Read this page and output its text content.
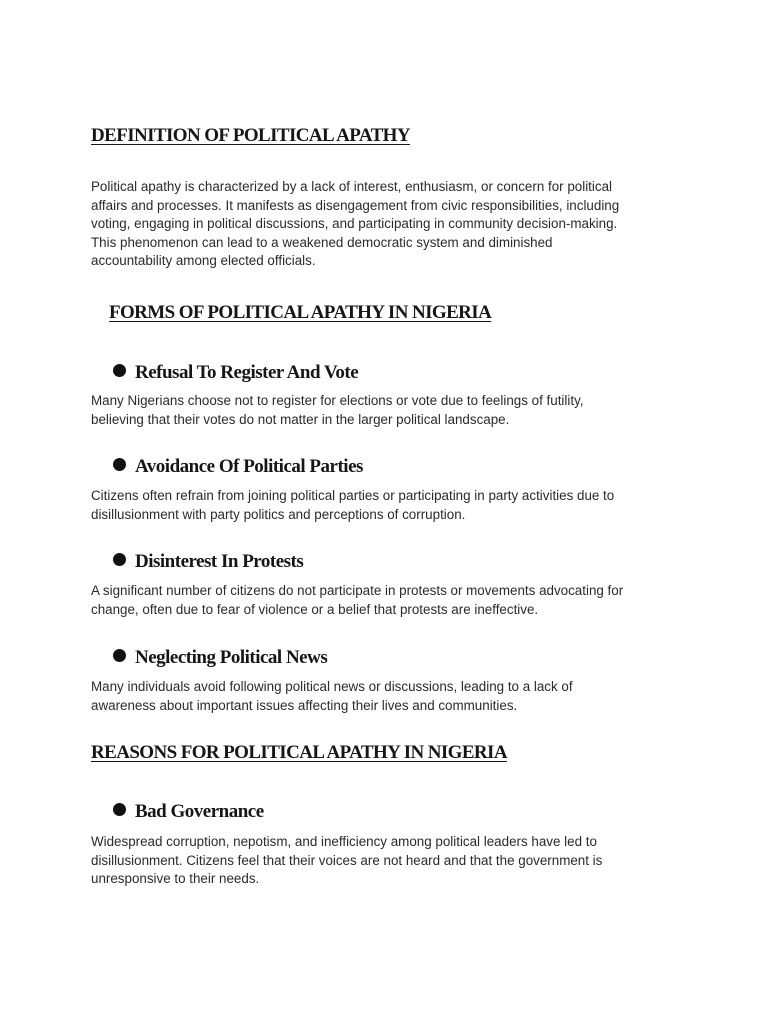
DEFINITION OF POLITICAL APATHY

Political apathy is characterized by a lack of interest, enthusiasm, or concern for political
affairs and processes. It manifests as disengagement from civic responsibilities, including
voting, engaging in political discussions, and participating in community decision-making.
This phenomenon can lead to a weakened democratic system and diminished
accountability among elected officials.

FORMS OF POLITICAL APATHY IN NIGERIA
Refusal To Register And Vote

Many Nigerians choose not to register for elections or vote due to feelings of futility,
believing that their votes do not matter in the larger political landscape.

Avoidance Of Political Parties

Citizens often refrain from joining political parties or participating in party activities due to
disillusionment with party politics and perceptions of corruption.

Disinterest In Protests

A significant number of citizens do not participate in protests or movements advocating for
change, often due to fear of violence or a belief that protests are ineffective.

Neglecting Political News

Many individuals avoid following political news or discussions, leading to a lack of
awareness about important issues affecting their lives and communities.

REASONS FOR POLITICAL APATHY IN NIGERIA
Bad Governance

Widespread corruption, nepotism, and inefficiency among political leaders have led to
disillusionment. Citizens feel that their voices are not heard and that the government is
unresponsive to their needs.
